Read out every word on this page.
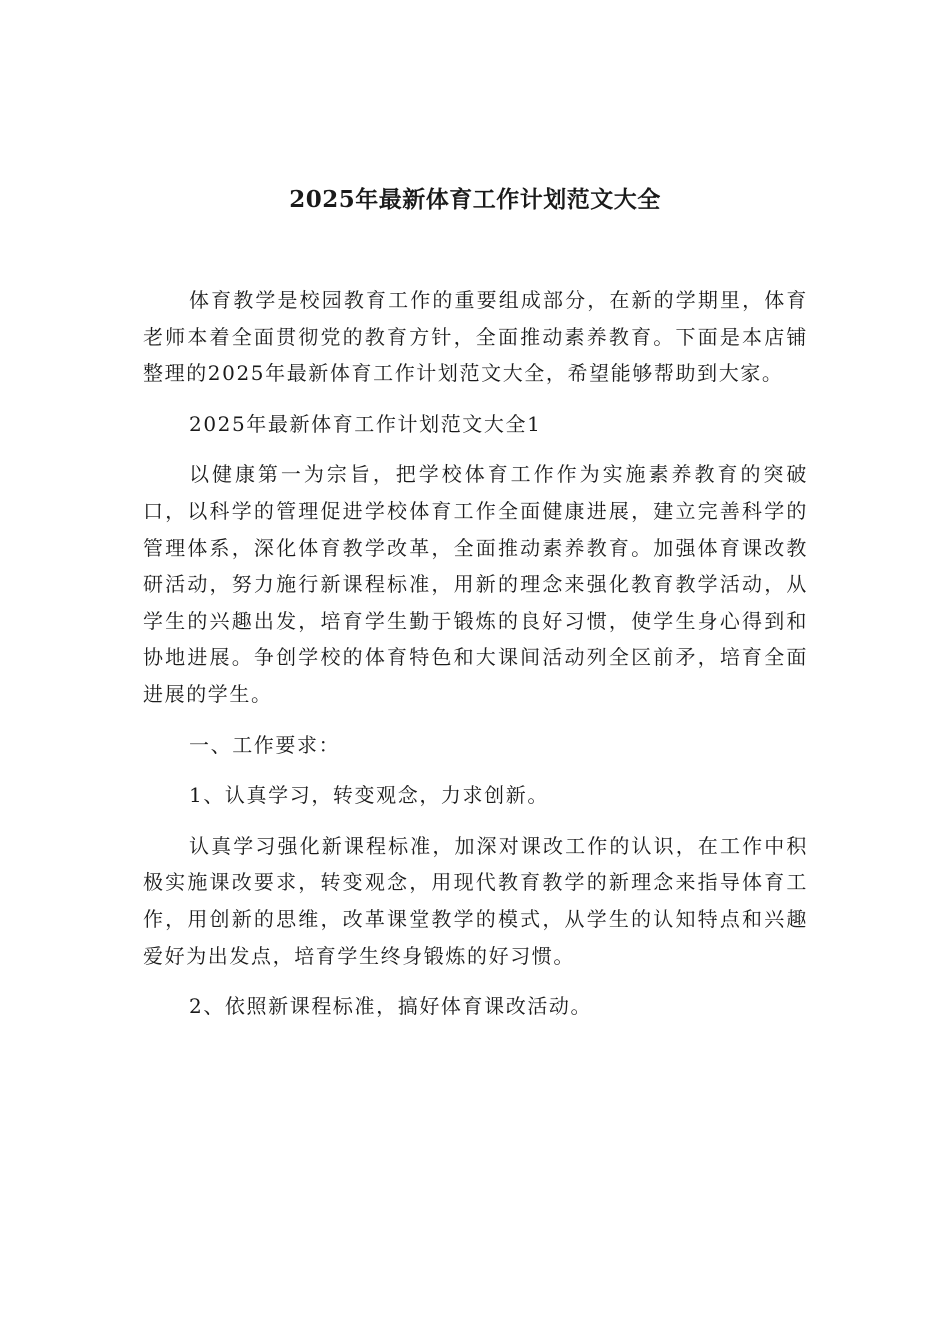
2025年最新体育工作计划范文大全

体育教学是校园教育工作的重要组成部分，在新的学期里，体育老师本着全面贯彻党的教育方针，全面推动素养教育。下面是本店铺整理的2025年最新体育工作计划范文大全，希望能够帮助到大家。

2025年最新体育工作计划范文大全1

以健康第一为宗旨，把学校体育工作作为实施素养教育的突破口，以科学的管理促进学校体育工作全面健康进展，建立完善科学的管理体系，深化体育教学改革，全面推动素养教育。加强体育课改教研活动，努力施行新课程标准，用新的理念来强化教育教学活动，从学生的兴趣出发，培育学生勤于锻炼的良好习惯，使学生身心得到和协地进展。争创学校的体育特色和大课间活动列全区前矛，培育全面进展的学生。

一、工作要求：

1、认真学习，转变观念，力求创新。

认真学习强化新课程标准，加深对课改工作的认识，在工作中积极实施课改要求，转变观念，用现代教育教学的新理念来指导体育工作，用创新的思维，改革课堂教学的模式，从学生的认知特点和兴趣爱好为出发点，培育学生终身锻炼的好习惯。

2、依照新课程标准，搞好体育课改活动。
